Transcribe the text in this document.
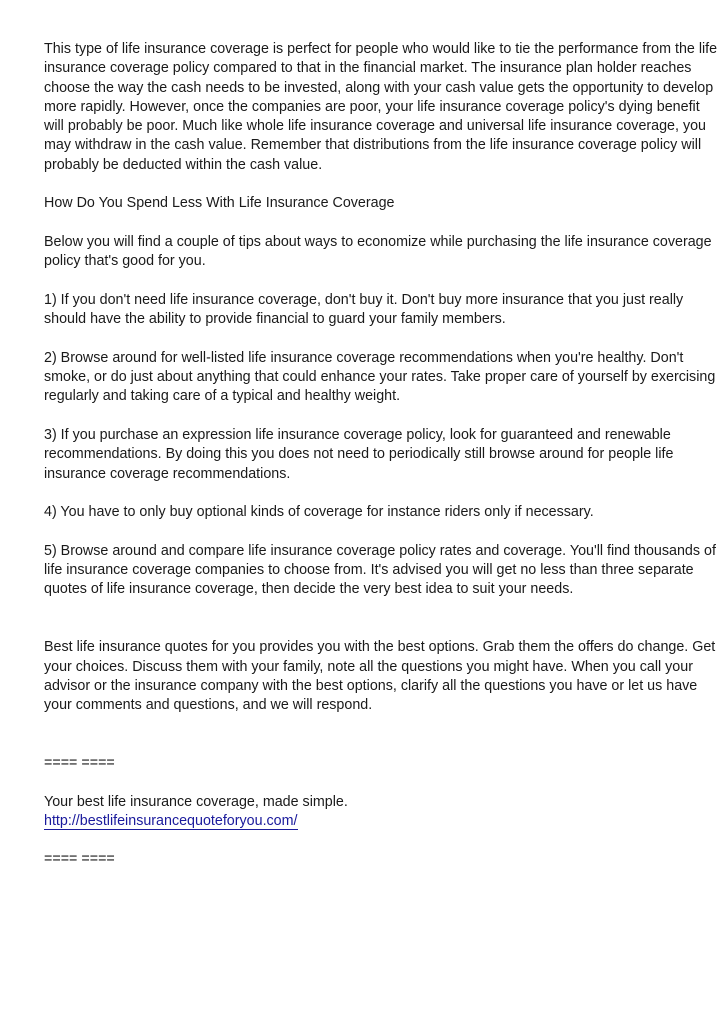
This type of life insurance coverage is perfect for people who would like to tie the performance from the life insurance coverage policy compared to that in the financial market. The insurance plan holder reaches choose the way the cash needs to be invested, along with your cash value gets the opportunity to develop more rapidly. However, once the companies are poor, your life insurance coverage policy's dying benefit will probably be poor. Much like whole life insurance coverage and universal life insurance coverage, you may withdraw in the cash value. Remember that distributions from the life insurance coverage policy will probably be deducted within the cash value.

How Do You Spend Less With Life Insurance Coverage

Below you will find a couple of tips about ways to economize while purchasing the life insurance coverage policy that's good for you.

1) If you don't need life insurance coverage, don't buy it. Don't buy more insurance that you just really should have the ability to provide financial to guard your family members.

2) Browse around for well-listed life insurance coverage recommendations when you're healthy. Don't smoke, or do just about anything that could enhance your rates. Take proper care of yourself by exercising regularly and taking care of a typical and healthy weight.

3) If you purchase an expression life insurance coverage policy, look for guaranteed and renewable recommendations. By doing this you does not need to periodically still browse around for people life insurance coverage recommendations.

4) You have to only buy optional kinds of coverage for instance riders only if necessary.

5) Browse around and compare life insurance coverage policy rates and coverage. You'll find thousands of life insurance coverage companies to choose from. It's advised you will get no less than three separate quotes of life insurance coverage, then decide the very best idea to suit your needs.

Best life insurance quotes for you provides you with the best options. Grab them the offers do change. Get your choices. Discuss them with your family, note all the questions you might have. When you call your advisor or the insurance company with the best options, clarify all the questions you have or let us have your comments and questions, and we will respond.

==== ====

Your best life insurance coverage, made simple.

http://bestlifeinsurancequoteforyou.com/

==== ====
